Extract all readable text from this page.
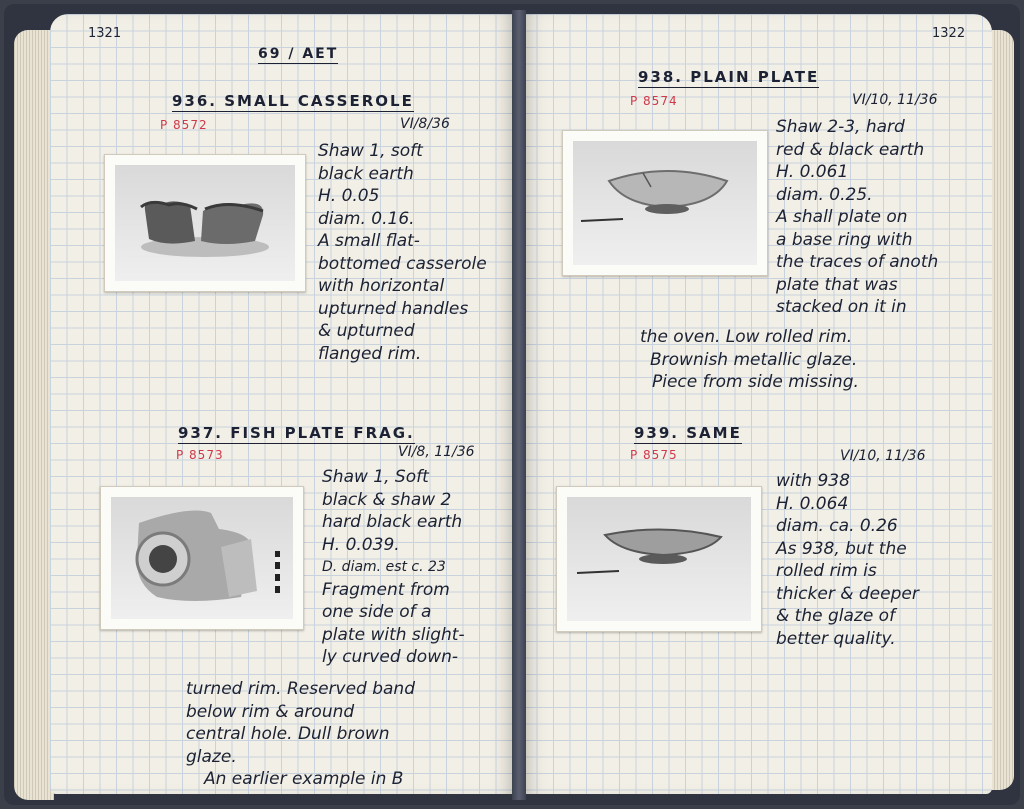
1321
69 / AET
936. SMALL CASSEROLE
P 8572	VI/8/36
Shaw 1, soft
black earth
H. 0.05
diam. 0.16.
A small flat-
bottomed casserole
with horizontal
upturned handles
& upturned
flanged rim.
937. FISH PLATE FRAG.
P 8573	VI/8, 11/36
Shaw 1, Soft
black & shaw 2
hard black earth
H. 0.039.
D. diam. est c. 23
Fragment from
one side of a
plate with slight-
ly curved down-
turned rim. Reserved band
below rim & around
central hole. Dull brown
glaze.
An earlier example in B
1322
938. PLAIN PLATE
P 8574	VI/10, 11/36
Shaw 2-3, hard
red & black earth
H. 0.061
diam. 0.25.
A shall plate on
a base ring with
the traces of anoth
plate that was
stacked on it in
the oven. Low rolled rim.
Brownish metallic glaze.
Piece from side missing.
939. SAME
P 8575	VI/10, 11/36
with 938
H. 0.064
diam. ca. 0.26
As 938, but the
rolled rim is
thicker & deeper
& the glaze of
better quality.
